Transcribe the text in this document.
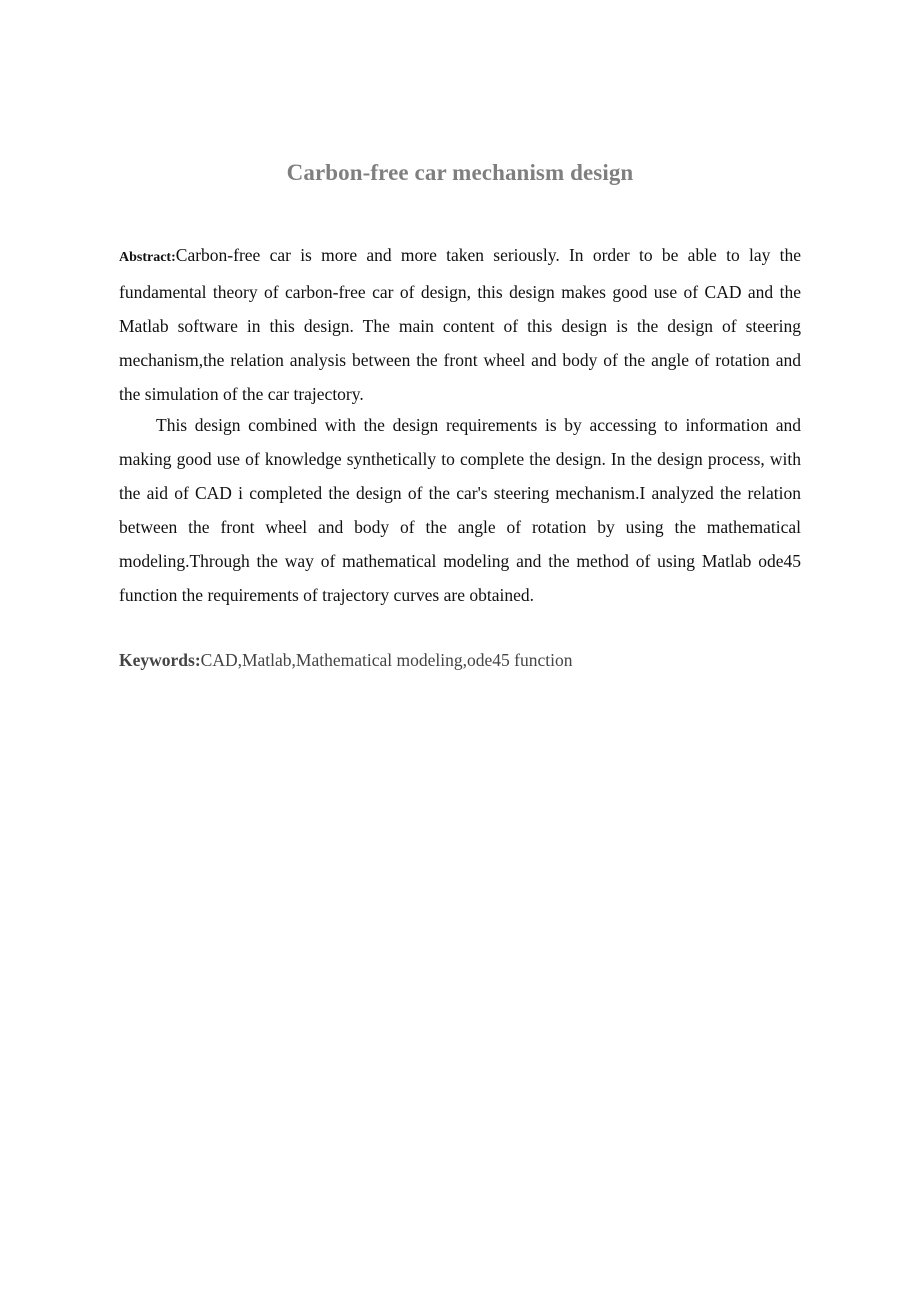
Carbon-free car mechanism design
Abstract:Carbon-free car is more and more taken seriously. In order to be able to lay the fundamental theory of carbon-free car of design, this design makes good use of CAD and the Matlab software in this design. The main content of this design is the design of steering mechanism,the relation analysis between the front wheel and body of the angle of rotation and the simulation of the car trajectory.
This design combined with the design requirements is by accessing to information and making good use of knowledge synthetically to complete the design. In the design process, with the aid of CAD i completed the design of the car's steering mechanism.I analyzed the relation between the front wheel and body of the angle of rotation by using the mathematical modeling.Through the way of mathematical modeling and the method of using Matlab ode45 function the requirements of trajectory curves are obtained.
Keywords:CAD,Matlab,Mathematical modeling,ode45 function
